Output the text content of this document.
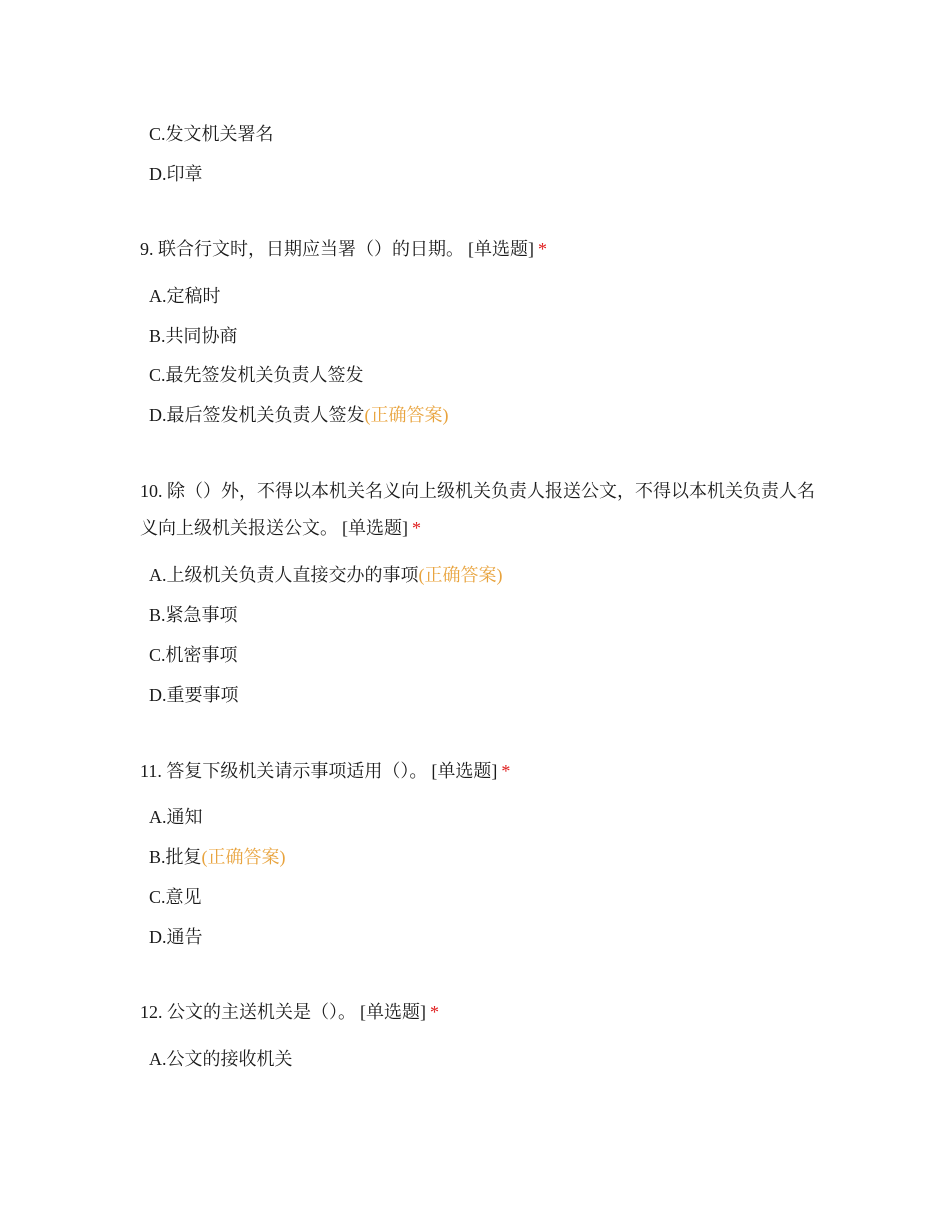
C.发文机关署名
D.印章

9. 联合行文时，日期应当署（）的日期。 [单选题] *

A.定稿时
B.共同协商
C.最先签发机关负责人签发
D.最后签发机关负责人签发(正确答案)

10. 除（）外，不得以本机关名义向上级机关负责人报送公文，不得以本机关负责人名义向上级机关报送公文。 [单选题] *

A.上级机关负责人直接交办的事项(正确答案)
B.紧急事项
C.机密事项
D.重要事项

11. 答复下级机关请示事项适用（）。 [单选题] *

A.通知
B.批复(正确答案)
C.意见
D.通告

12. 公文的主送机关是（）。 [单选题] *

A.公文的接收机关
